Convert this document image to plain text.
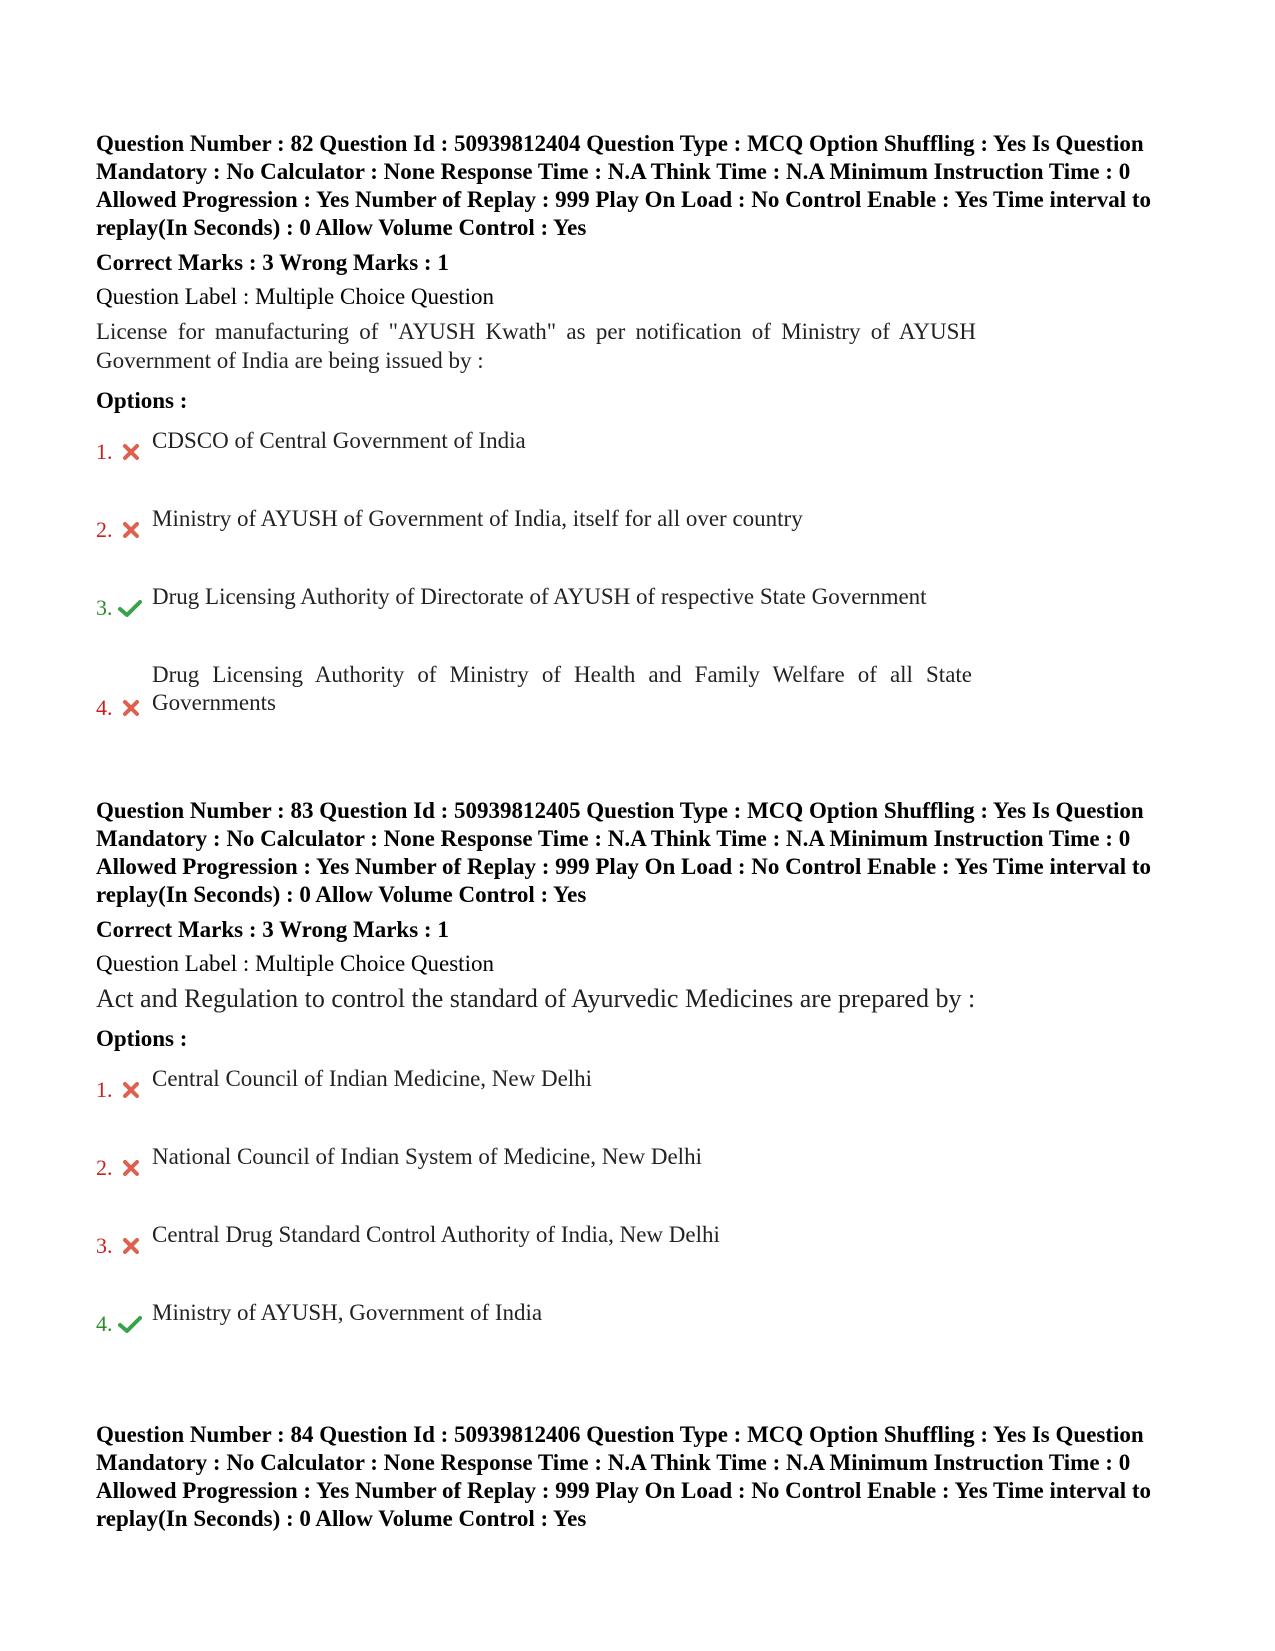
Question Number : 82 Question Id : 50939812404 Question Type : MCQ Option Shuffling : Yes Is Question Mandatory : No Calculator : None Response Time : N.A Think Time : N.A Minimum Instruction Time : 0 Allowed Progression : Yes Number of Replay : 999 Play On Load : No Control Enable : Yes Time interval to replay(In Seconds) : 0 Allow Volume Control : Yes

Correct Marks : 3 Wrong Marks : 1

Question Label : Multiple Choice Question

License for manufacturing of "AYUSH Kwath" as per notification of Ministry of AYUSH Government of India are being issued by :

Options :

1. CDSCO of Central Government of India
2. Ministry of AYUSH of Government of India, itself for all over country
3. Drug Licensing Authority of Directorate of AYUSH of respective State Government
4.
Drug Licensing Authority of Ministry of Health and Family Welfare of all State Governments

Question Number : 83 Question Id : 50939812405 Question Type : MCQ Option Shuffling : Yes Is Question Mandatory : No Calculator : None Response Time : N.A Think Time : N.A Minimum Instruction Time : 0 Allowed Progression : Yes Number of Replay : 999 Play On Load : No Control Enable : Yes Time interval to replay(In Seconds) : 0 Allow Volume Control : Yes

Correct Marks : 3 Wrong Marks : 1

Question Label : Multiple Choice Question

Act and Regulation to control the standard of Ayurvedic Medicines are prepared by :

Options :

1. Central Council of Indian Medicine, New Delhi
2. National Council of Indian System of Medicine, New Delhi
3. Central Drug Standard Control Authority of India, New Delhi
4. Ministry of AYUSH, Government of India

Question Number : 84 Question Id : 50939812406 Question Type : MCQ Option Shuffling : Yes Is Question Mandatory : No Calculator : None Response Time : N.A Think Time : N.A Minimum Instruction Time : 0 Allowed Progression : Yes Number of Replay : 999 Play On Load : No Control Enable : Yes Time interval to replay(In Seconds) : 0 Allow Volume Control : Yes
